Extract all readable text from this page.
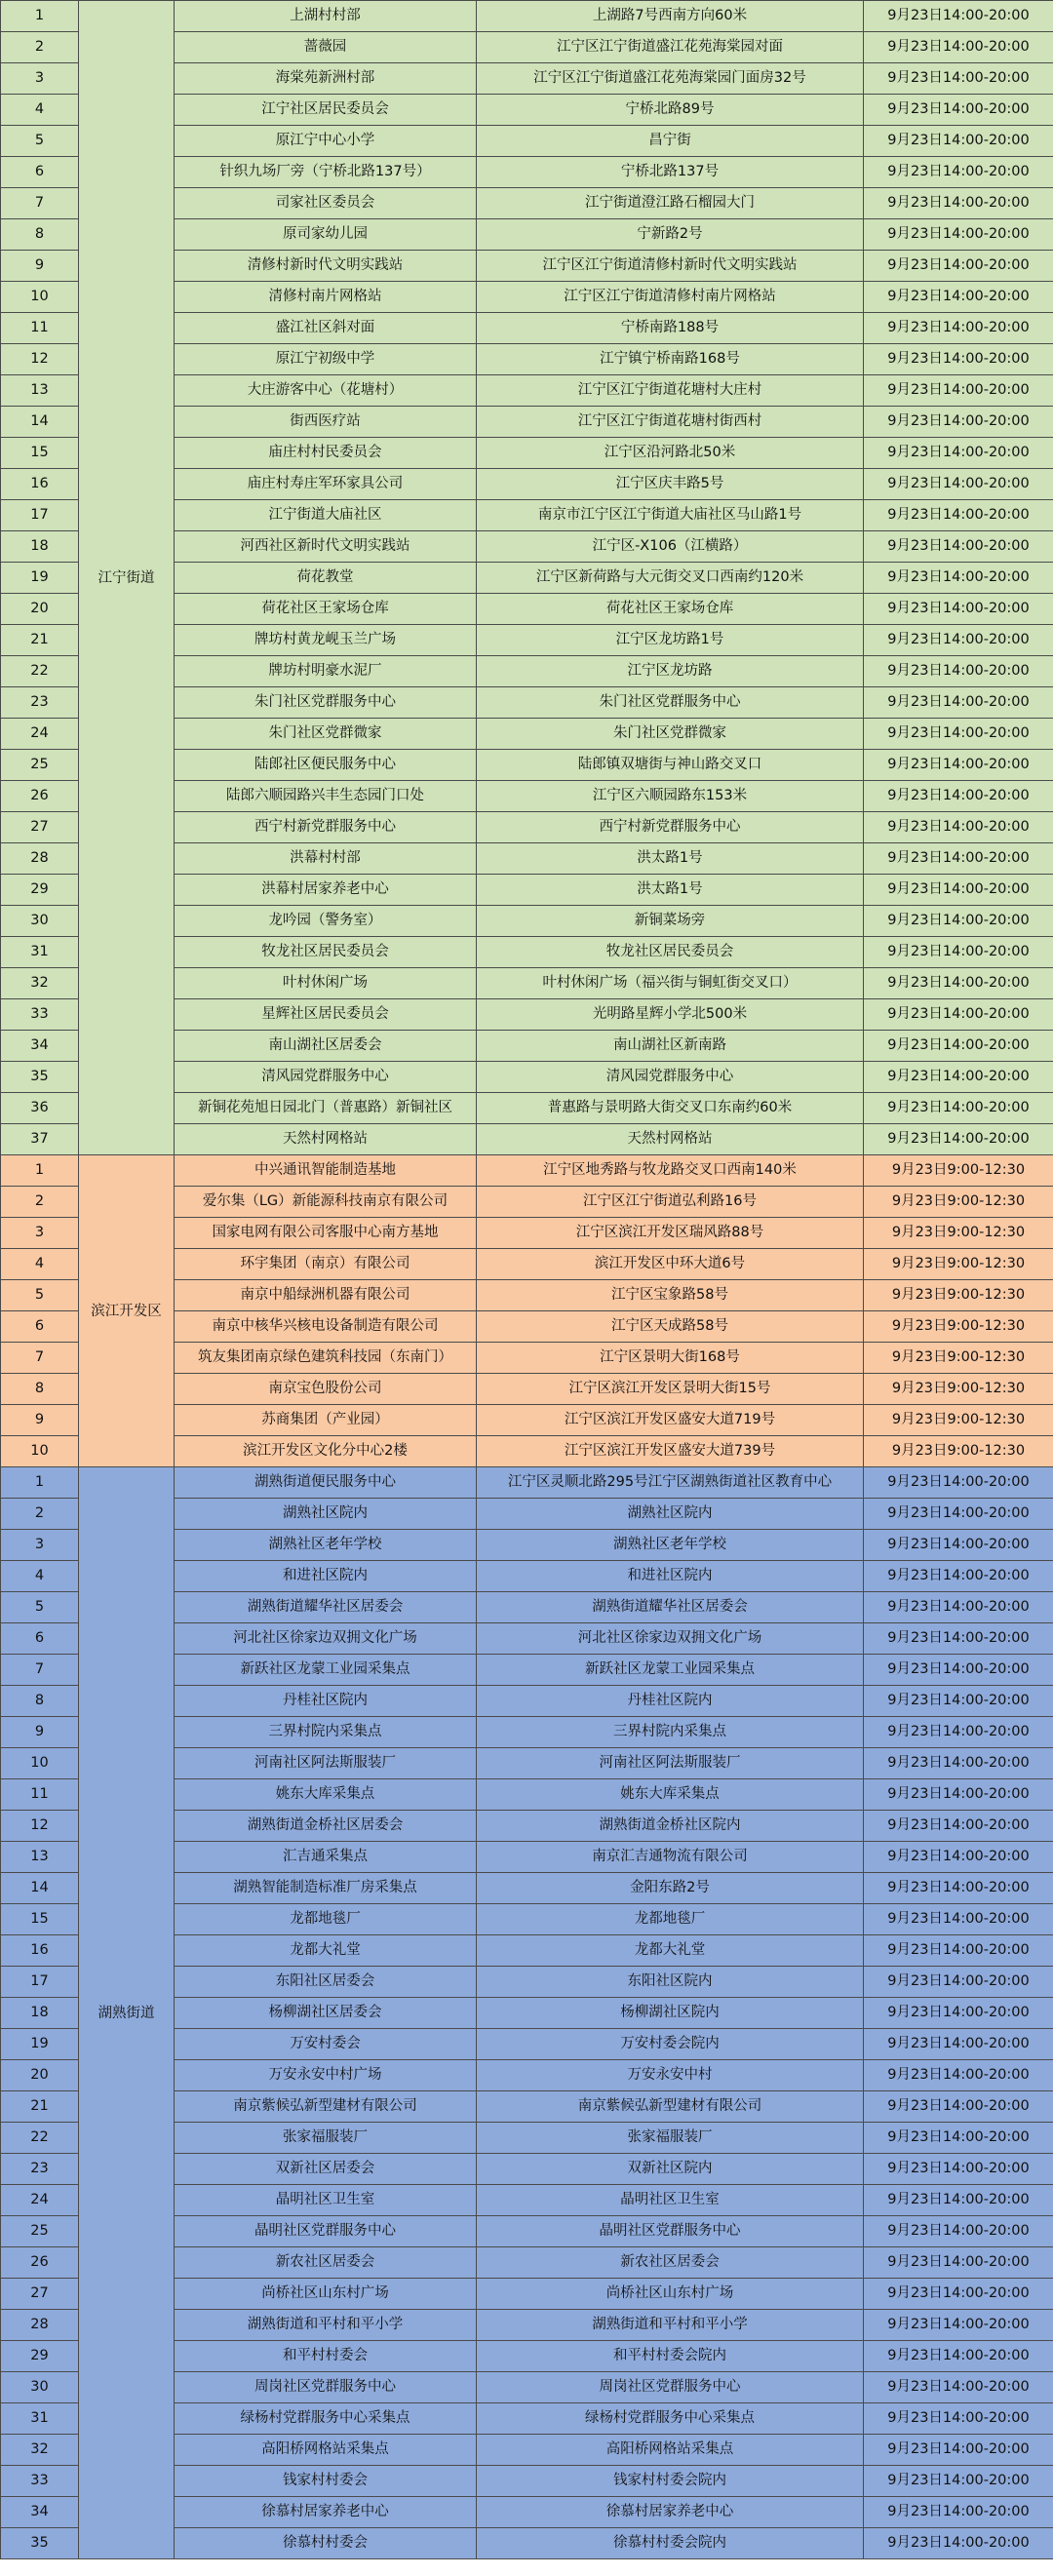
1	江宁街道	上湖村村部	上湖路7号西南方向60米	9月23日14:00-20:00
2		蔷薇园	江宁区江宁街道盛江花苑海棠园对面	9月23日14:00-20:00
3		海棠苑新洲村部	江宁区江宁街道盛江花苑海棠园门面房32号	9月23日14:00-20:00
4		江宁社区居民委员会	宁桥北路89号	9月23日14:00-20:00
5		原江宁中心小学	昌宁街	9月23日14:00-20:00
6		针织九场厂旁（宁桥北路137号）	宁桥北路137号	9月23日14:00-20:00
7		司家社区委员会	江宁街道澄江路石榴园大门	9月23日14:00-20:00
8		原司家幼儿园	宁新路2号	9月23日14:00-20:00
9		清修村新时代文明实践站	江宁区江宁街道清修村新时代文明实践站	9月23日14:00-20:00
10		清修村南片网格站	江宁区江宁街道清修村南片网格站	9月23日14:00-20:00
11		盛江社区斜对面	宁桥南路188号	9月23日14:00-20:00
12		原江宁初级中学	江宁镇宁桥南路168号	9月23日14:00-20:00
13		大庄游客中心（花塘村）	江宁区江宁街道花塘村大庄村	9月23日14:00-20:00
14		街西医疗站	江宁区江宁街道花塘村街西村	9月23日14:00-20:00
15		庙庄村村民委员会	江宁区沿河路北50米	9月23日14:00-20:00
16		庙庄村寿庄军环家具公司	江宁区庆丰路5号	9月23日14:00-20:00
17		江宁街道大庙社区	南京市江宁区江宁街道大庙社区马山路1号	9月23日14:00-20:00
18		河西社区新时代文明实践站	江宁区-X106（江横路）	9月23日14:00-20:00
19		荷花教堂	江宁区新荷路与大元街交叉口西南约120米	9月23日14:00-20:00
20		荷花社区王家场仓库	荷花社区王家场仓库	9月23日14:00-20:00
21		牌坊村黄龙岘玉兰广场	江宁区龙坊路1号	9月23日14:00-20:00
22		牌坊村明豪水泥厂	江宁区龙坊路	9月23日14:00-20:00
23		朱门社区党群服务中心	朱门社区党群服务中心	9月23日14:00-20:00
24		朱门社区党群微家	朱门社区党群微家	9月23日14:00-20:00
25		陆郎社区便民服务中心	陆郎镇双塘街与神山路交叉口	9月23日14:00-20:00
26		陆郎六顺园路兴丰生态园门口处	江宁区六顺园路东153米	9月23日14:00-20:00
27		西宁村新党群服务中心	西宁村新党群服务中心	9月23日14:00-20:00
28		洪幕村村部	洪太路1号	9月23日14:00-20:00
29		洪幕村居家养老中心	洪太路1号	9月23日14:00-20:00
30		龙吟园（警务室）	新铜菜场旁	9月23日14:00-20:00
31		牧龙社区居民委员会	牧龙社区居民委员会	9月23日14:00-20:00
32		叶村休闲广场	叶村休闲广场（福兴街与铜虹街交叉口）	9月23日14:00-20:00
33		星辉社区居民委员会	光明路星辉小学北500米	9月23日14:00-20:00
34		南山湖社区居委会	南山湖社区新南路	9月23日14:00-20:00
35		清风园党群服务中心	清风园党群服务中心	9月23日14:00-20:00
36		新铜花苑旭日园北门（普惠路）新铜社区	普惠路与景明路大街交叉口东南约60米	9月23日14:00-20:00
37		天然村网格站	天然村网格站	9月23日14:00-20:00
1	滨江开发区	中兴通讯智能制造基地	江宁区地秀路与牧龙路交叉口西南140米	9月23日9:00-12:30
2		爱尔集（LG）新能源科技南京有限公司	江宁区江宁街道弘利路16号	9月23日9:00-12:30
3		国家电网有限公司客服中心南方基地	江宁区滨江开发区瑞风路88号	9月23日9:00-12:30
4		环宇集团（南京）有限公司	滨江开发区中环大道6号	9月23日9:00-12:30
5		南京中船绿洲机器有限公司	江宁区宝象路58号	9月23日9:00-12:30
6		南京中核华兴核电设备制造有限公司	江宁区天成路58号	9月23日9:00-12:30
7		筑友集团南京绿色建筑科技园（东南门）	江宁区景明大街168号	9月23日9:00-12:30
8		南京宝色股份公司	江宁区滨江开发区景明大街15号	9月23日9:00-12:30
9		苏商集团（产业园）	江宁区滨江开发区盛安大道719号	9月23日9:00-12:30
10		滨江开发区文化分中心2楼	江宁区滨江开发区盛安大道739号	9月23日9:00-12:30
1	湖熟街道	湖熟街道便民服务中心	江宁区灵顺北路295号江宁区湖熟街道社区教育中心	9月23日14:00-20:00
2		湖熟社区院内	湖熟社区院内	9月23日14:00-20:00
3		湖熟社区老年学校	湖熟社区老年学校	9月23日14:00-20:00
4		和进社区院内	和进社区院内	9月23日14:00-20:00
5		湖熟街道耀华社区居委会	湖熟街道耀华社区居委会	9月23日14:00-20:00
6		河北社区徐家边双拥文化广场	河北社区徐家边双拥文化广场	9月23日14:00-20:00
7		新跃社区龙蒙工业园采集点	新跃社区龙蒙工业园采集点	9月23日14:00-20:00
8		丹桂社区院内	丹桂社区院内	9月23日14:00-20:00
9		三界村院内采集点	三界村院内采集点	9月23日14:00-20:00
10		河南社区阿法斯服装厂	河南社区阿法斯服装厂	9月23日14:00-20:00
11		姚东大库采集点	姚东大库采集点	9月23日14:00-20:00
12		湖熟街道金桥社区居委会	湖熟街道金桥社区院内	9月23日14:00-20:00
13		汇吉通采集点	南京汇吉通物流有限公司	9月23日14:00-20:00
14		湖熟智能制造标准厂房采集点	金阳东路2号	9月23日14:00-20:00
15		龙都地毯厂	龙都地毯厂	9月23日14:00-20:00
16		龙都大礼堂	龙都大礼堂	9月23日14:00-20:00
17		东阳社区居委会	东阳社区院内	9月23日14:00-20:00
18		杨柳湖社区居委会	杨柳湖社区院内	9月23日14:00-20:00
19		万安村委会	万安村委会院内	9月23日14:00-20:00
20		万安永安中村广场	万安永安中村	9月23日14:00-20:00
21		南京紫候弘新型建材有限公司	南京紫候弘新型建材有限公司	9月23日14:00-20:00
22		张家福服装厂	张家福服装厂	9月23日14:00-20:00
23		双新社区居委会	双新社区院内	9月23日14:00-20:00
24		晶明社区卫生室	晶明社区卫生室	9月23日14:00-20:00
25		晶明社区党群服务中心	晶明社区党群服务中心	9月23日14:00-20:00
26		新农社区居委会	新农社区居委会	9月23日14:00-20:00
27		尚桥社区山东村广场	尚桥社区山东村广场	9月23日14:00-20:00
28		湖熟街道和平村和平小学	湖熟街道和平村和平小学	9月23日14:00-20:00
29		和平村村委会	和平村村委会院内	9月23日14:00-20:00
30		周岗社区党群服务中心	周岗社区党群服务中心	9月23日14:00-20:00
31		绿杨村党群服务中心采集点	绿杨村党群服务中心采集点	9月23日14:00-20:00
32		高阳桥网格站采集点	高阳桥网格站采集点	9月23日14:00-20:00
33		钱家村村委会	钱家村村委会院内	9月23日14:00-20:00
34		徐慕村居家养老中心	徐慕村居家养老中心	9月23日14:00-20:00
35		徐慕村村委会	徐慕村村委会院内	9月23日14:00-20:00
